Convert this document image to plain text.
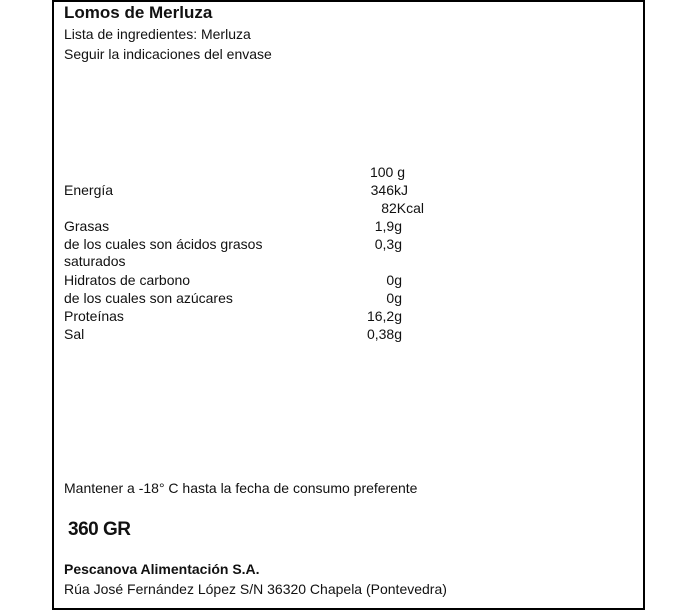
Lomos de Merluza
Lista de ingredientes: Merluza
Seguir la indicaciones del envase
100 g
Energía	346kJ
82Kcal
Grasas	1,9g
de los cuales son ácidos grasos	0,3g
saturados
Hidratos de carbono	0g
de los cuales son azúcares	0g
Proteínas	16,2g
Sal	0,38g
Mantener a -18° C hasta la fecha de consumo preferente
360 GR
Pescanova Alimentación S.A.
Rúa José Fernández López S/N 36320 Chapela (Pontevedra)
